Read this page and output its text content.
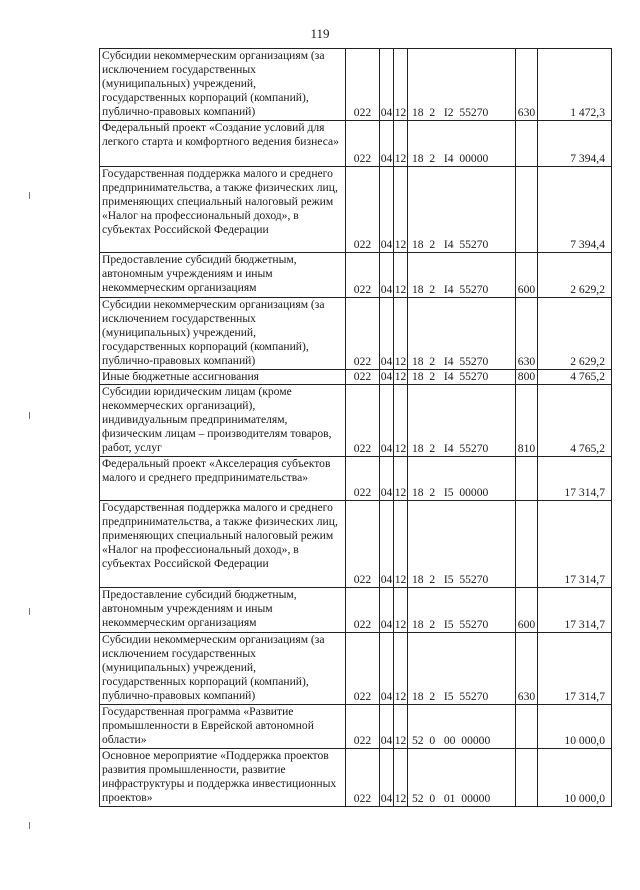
119
Субсидии некоммерческим организациям (за исключением государственных (муниципальных) учреждений, государственных корпораций (компаний), публично-правовых компаний)	022	04	12	18  2   I2  55270	630	1 472,3
Федеральный проект «Создание условий для легкого старта и комфортного ведения бизнеса»	022	04	12	18  2   I4  00000		7 394,4
Государственная поддержка малого и среднего предпринимательства, а также физических лиц, применяющих специальный налоговый режим «Налог на профессиональный доход», в субъектах Российской Федерации	022	04	12	18  2   I4  55270		7 394,4
Предоставление субсидий бюджетным, автономным учреждениям и иным некоммерческим организациям	022	04	12	18  2   I4  55270	600	2 629,2
Субсидии некоммерческим организациям (за исключением государственных (муниципальных) учреждений, государственных корпораций (компаний), публично-правовых компаний)	022	04	12	18  2   I4  55270	630	2 629,2
Иные бюджетные ассигнования	022	04	12	18  2   I4  55270	800	4 765,2
Субсидии юридическим лицам (кроме некоммерческих организаций), индивидуальным предпринимателям, физическим лицам – производителям товаров, работ, услуг	022	04	12	18  2   I4  55270	810	4 765,2
Федеральный проект «Акселерация субъектов малого и среднего предпринимательства»	022	04	12	18  2   I5  00000		17 314,7
Государственная поддержка малого и среднего предпринимательства, а также физических лиц, применяющих специальный налоговый режим «Налог на профессиональный доход», в субъектах Российской Федерации	022	04	12	18  2   I5  55270		17 314,7
Предоставление субсидий бюджетным, автономным учреждениям и иным некоммерческим организациям	022	04	12	18  2   I5  55270	600	17 314,7
Субсидии некоммерческим организациям (за исключением государственных (муниципальных) учреждений, государственных корпораций (компаний), публично-правовых компаний)	022	04	12	18  2   I5  55270	630	17 314,7
Государственная программа «Развитие промышленности в Еврейской автономной области»	022	04	12	52  0   00  00000		10 000,0
Основное мероприятие «Поддержка проектов развития промышленности, развитие инфраструктуры и поддержка инвестиционных проектов»	022	04	12	52  0   01  00000		10 000,0
